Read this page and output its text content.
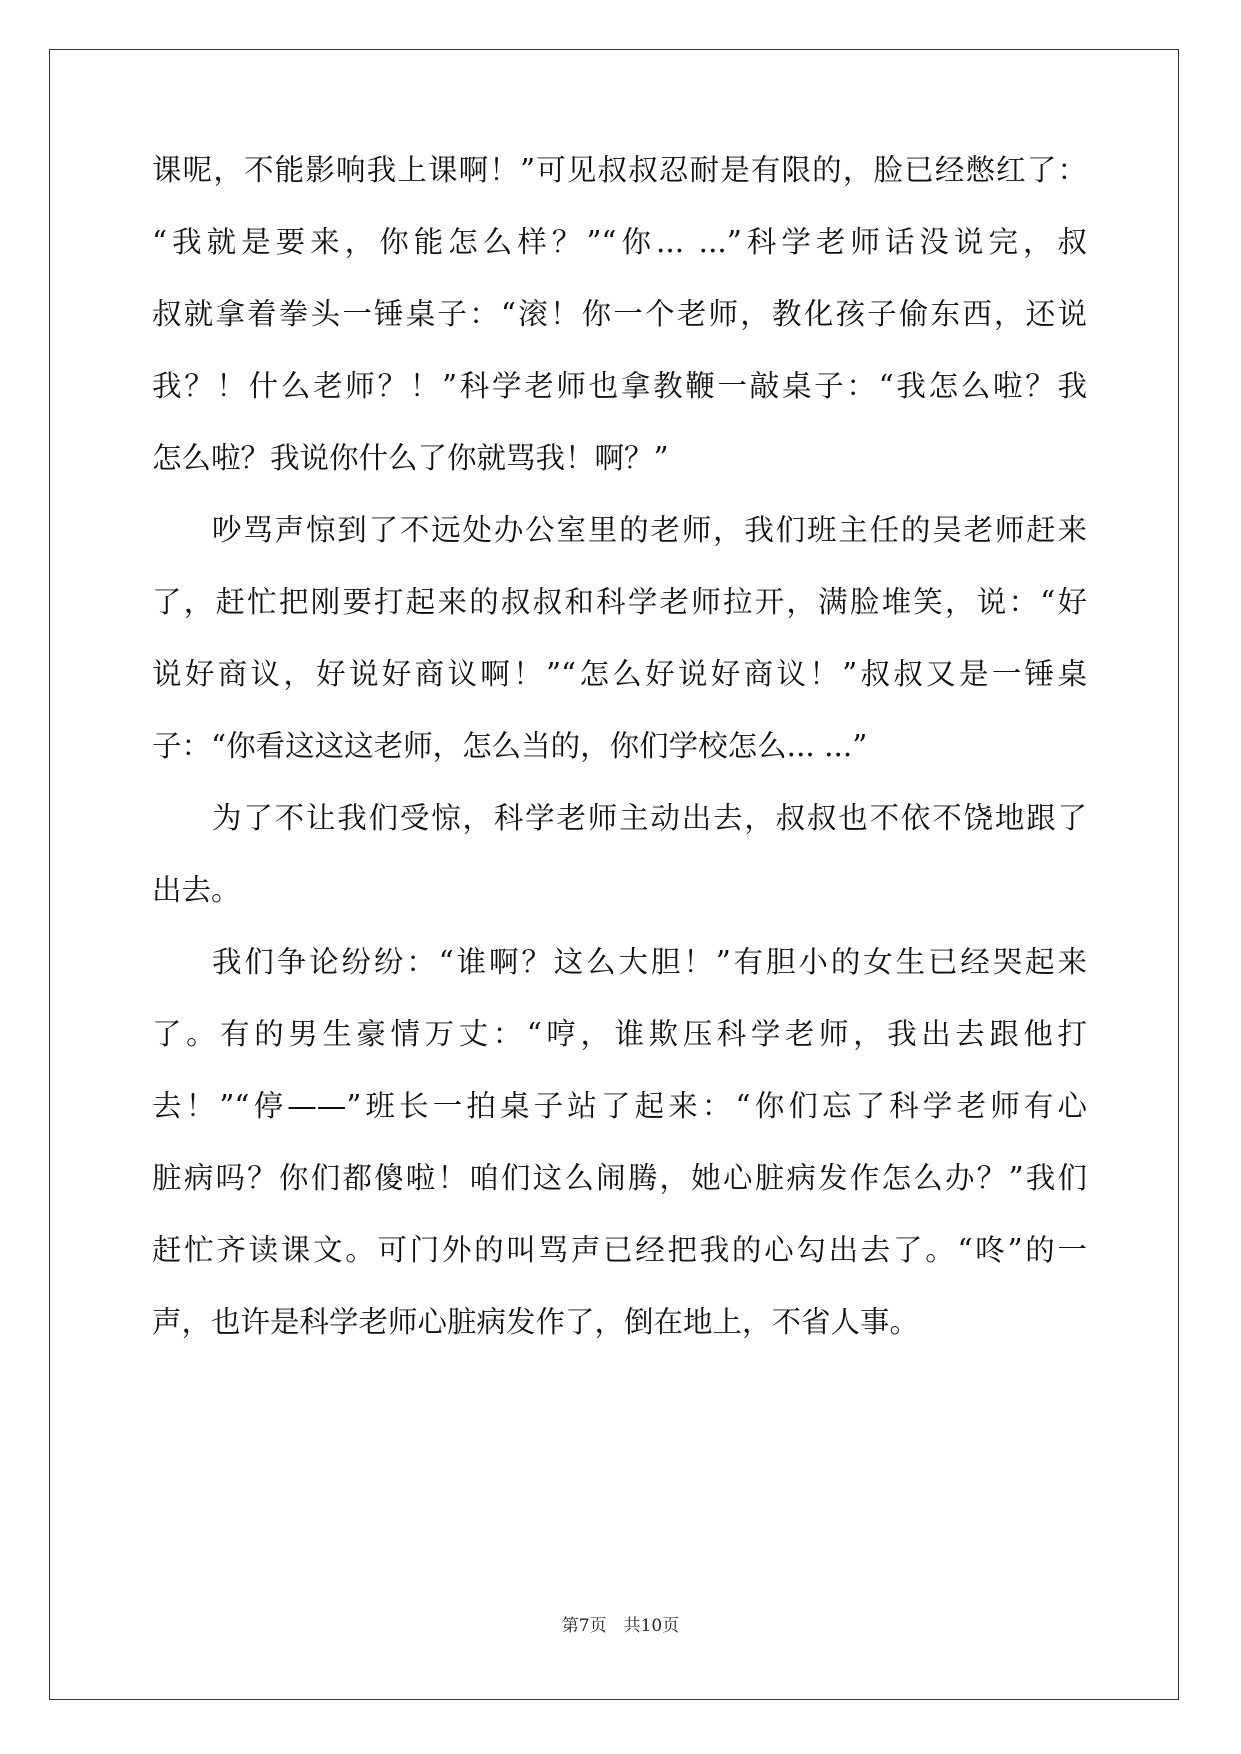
课呢，不能影响我上课啊！”可见叔叔忍耐是有限的，脸已经憋红了：
“我就是要来，你能怎么样？”“你... ...”科学老师话没说完，叔
叔就拿着拳头一锤桌子：“滚！你一个老师，教化孩子偷东西，还说
我？！什么老师？！”科学老师也拿教鞭一敲桌子：“我怎么啦？我
怎么啦？我说你什么了你就骂我！啊？”
吵骂声惊到了不远处办公室里的老师，我们班主任的吴老师赶来
了，赶忙把刚要打起来的叔叔和科学老师拉开，满脸堆笑，说：“好
说好商议，好说好商议啊！”“怎么好说好商议！”叔叔又是一锤桌
子：“你看这这这老师，怎么当的，你们学校怎么... ...”
为了不让我们受惊，科学老师主动出去，叔叔也不依不饶地跟了
出去。
我们争论纷纷：“谁啊？这么大胆！”有胆小的女生已经哭起来
了。有的男生豪情万丈：“哼，谁欺压科学老师，我出去跟他打
去！”“停——”班长一拍桌子站了起来：“你们忘了科学老师有心
脏病吗？你们都傻啦！咱们这么闹腾，她心脏病发作怎么办？”我们
赶忙齐读课文。可门外的叫骂声已经把我的心勾出去了。“咚”的一
声，也许是科学老师心脏病发作了，倒在地上，不省人事。
第7页　共10页
